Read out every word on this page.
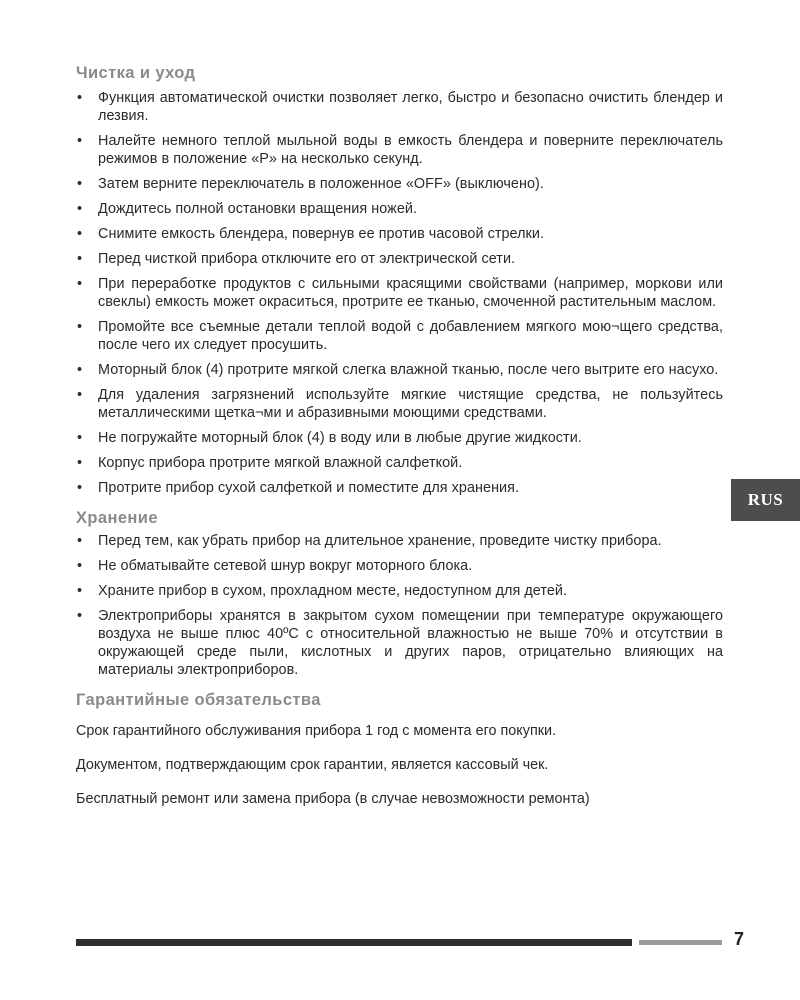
Чистка и уход
• Функция автоматической очистки позволяет легко, быстро и безопасно очистить блендер и лезвия.
• Налейте немного теплой мыльной воды в емкость блендера и поверните переключатель режимов в положение «P» на несколько секунд.
• Затем верните переключатель в положенное «OFF» (выключено).
• Дождитесь полной остановки вращения ножей.
• Снимите емкость блендера, повернув ее против часовой стрелки.
• Перед чисткой прибора отключите его от электрической сети.
• При переработке продуктов с сильными красящими свойствами (например, моркови или свеклы) емкость может окраситься, протрите ее тканью, смоченной растительным маслом.
• Промойте все съемные детали теплой водой с добавлением мягкого мою¬щего средства, после чего их следует просушить.
• Моторный блок (4) протрите мягкой слегка влажной тканью, после чего вытрите его насухо.
• Для удаления загрязнений используйте мягкие чистящие средства, не пользуйтесь металлическими щетка¬ми и абразивными моющими средствами.
• Не погружайте моторный блок (4) в воду или в любые другие жидкости.
• Корпус прибора протрите мягкой влажной салфеткой.
• Протрите прибор сухой салфеткой и поместите для хранения.
Хранение
• Перед тем, как убрать прибор на длительное хранение, проведите чистку прибора.
• Не обматывайте сетевой шнур вокруг моторного блока.
• Храните прибор в сухом, прохладном месте, недоступном для детей.
• Электроприборы хранятся в закрытом сухом помещении при температуре окружающего воздуха не выше плюс 40ºС с относительной влажностью не выше 70% и отсутствии в окружающей среде пыли, кислотных и других паров, отрицательно влияющих на материалы электроприборов.
Гарантийные обязательства

Срок гарантийного обслуживания прибора 1 год с момента его покупки.

Документом, подтверждающим срок гарантии, является кассовый чек.

Бесплатный ремонт или замена прибора (в случае невозможности ремонта)

RUS
7
